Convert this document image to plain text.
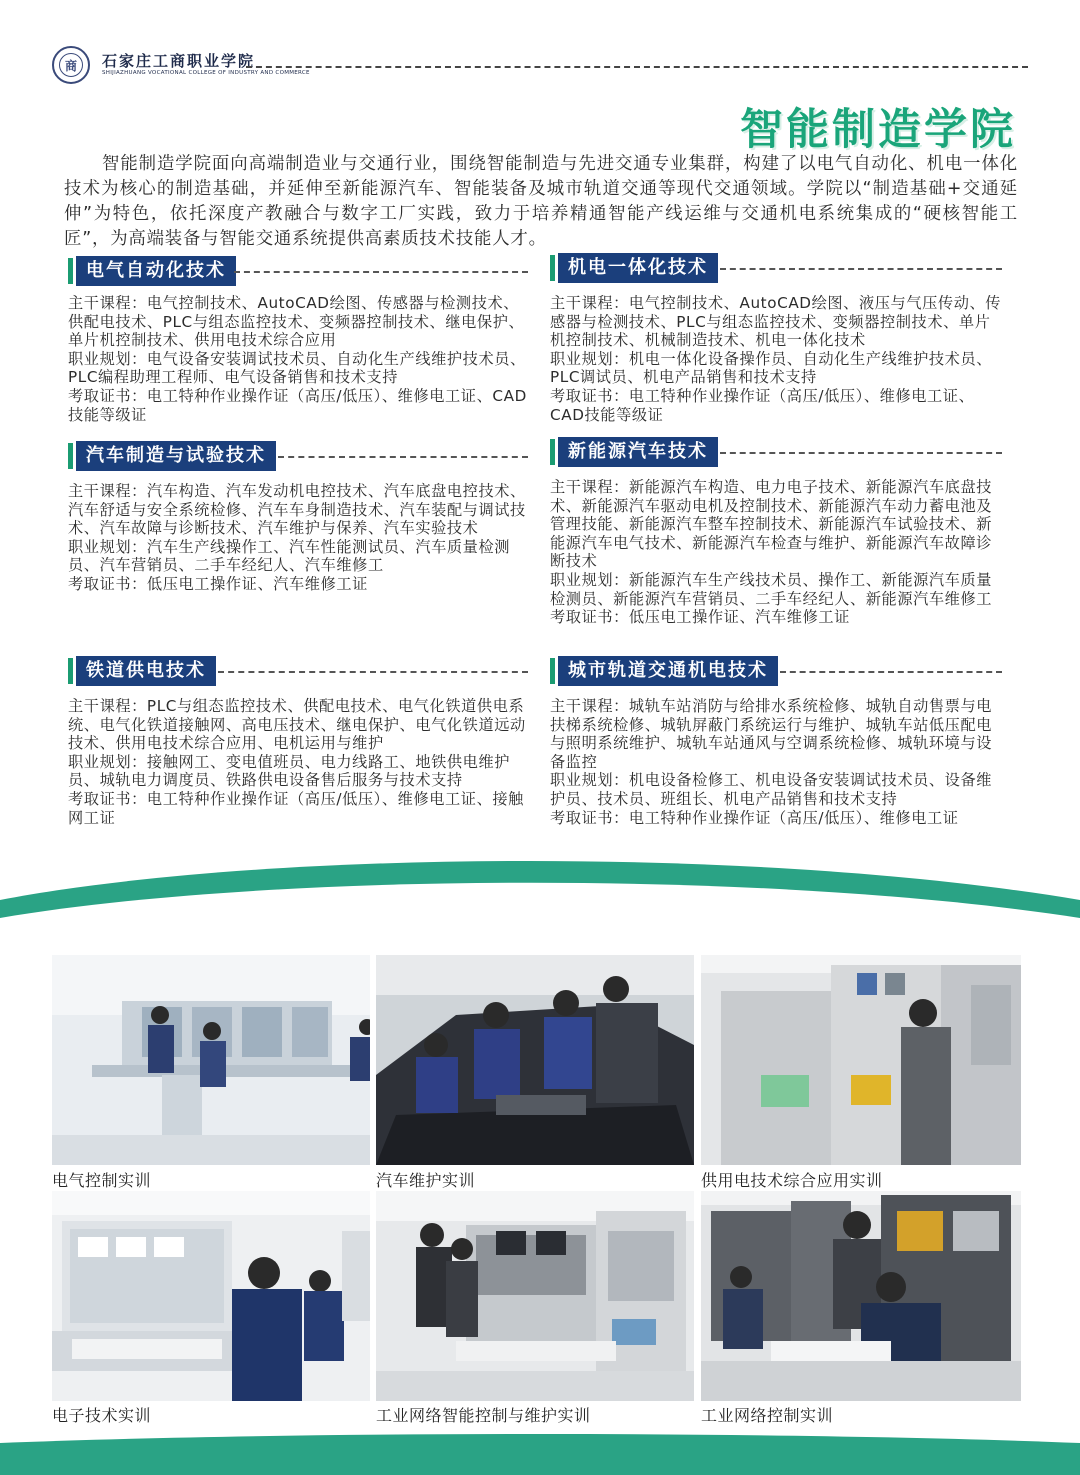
商	石家庄工商职业学院
SHIJIAZHUANG VOCATIONAL COLLEGE OF INDUSTRY AND COMMERCE
智能制造学院
智能制造学院面向高端制造业与交通行业，围绕智能制造与先进交通专业集群，构建了以电气自动化、机电一体化技术为核心的制造基础，并延伸至新能源汽车、智能装备及城市轨道交通等现代交通领域。学院以“制造基础+交通延伸”为特色，依托深度产教融合与数字工厂实践，致力于培养精通智能产线运维与交通机电系统集成的“硬核智能工匠”，为高端装备与智能交通系统提供高素质技术技能人才。
电气自动化技术

主干课程：电气控制技术、AutoCAD绘图、传感器与检测技术、供配电技术、PLC与组态监控技术、变频器控制技术、继电保护、单片机控制技术、供用电技术综合应用

职业规划：电气设备安装调试技术员、自动化生产线维护技术员、PLC编程助理工程师、电气设备销售和技术支持

考取证书：电工特种作业操作证（高压/低压）、维修电工证、CAD技能等级证

机电一体化技术

主干课程：电气控制技术、AutoCAD绘图、液压与气压传动、传感器与检测技术、PLC与组态监控技术、变频器控制技术、单片机控制技术、机械制造技术、机电一体化技术

职业规划：机电一体化设备操作员、自动化生产线维护技术员、PLC调试员、机电产品销售和技术支持

考取证书：电工特种作业操作证（高压/低压）、维修电工证、CAD技能等级证

汽车制造与试验技术

主干课程：汽车构造、汽车发动机电控技术、汽车底盘电控技术、汽车舒适与安全系统检修、汽车车身制造技术、汽车装配与调试技术、汽车故障与诊断技术、汽车维护与保养、汽车实验技术

职业规划：汽车生产线操作工、汽车性能测试员、汽车质量检测员、汽车营销员、二手车经纪人、汽车维修工

考取证书：低压电工操作证、汽车维修工证

新能源汽车技术

主干课程：新能源汽车构造、电力电子技术、新能源汽车底盘技术、新能源汽车驱动电机及控制技术、新能源汽车动力蓄电池及管理技能、新能源汽车整车控制技术、新能源汽车试验技术、新能源汽车电气技术、新能源汽车检查与维护、新能源汽车故障诊断技术

职业规划：新能源汽车生产线技术员、操作工、新能源汽车质量检测员、新能源汽车营销员、二手车经纪人、新能源汽车维修工

考取证书：低压电工操作证、汽车维修工证

铁道供电技术

主干课程：PLC与组态监控技术、供配电技术、电气化铁道供电系统、电气化铁道接触网、高电压技术、继电保护、电气化铁道远动技术、供用电技术综合应用、电机运用与维护

职业规划：接触网工、变电值班员、电力线路工、地铁供电维护员、城轨电力调度员、铁路供电设备售后服务与技术支持

考取证书：电工特种作业操作证（高压/低压）、维修电工证、接触网工证

城市轨道交通机电技术

主干课程：城轨车站消防与给排水系统检修、城轨自动售票与电扶梯系统检修、城轨屏蔽门系统运行与维护、城轨车站低压配电与照明系统维护、城轨车站通风与空调系统检修、城轨环境与设备监控

职业规划：机电设备检修工、机电设备安装调试技术员、设备维护员、技术员、班组长、机电产品销售和技术支持

考取证书：电工特种作业操作证（高压/低压）、维修电工证

电气控制实训	汽车维护实训	供用电技术综合应用实训
电子技术实训	工业网络智能控制与维护实训	工业网络控制实训
